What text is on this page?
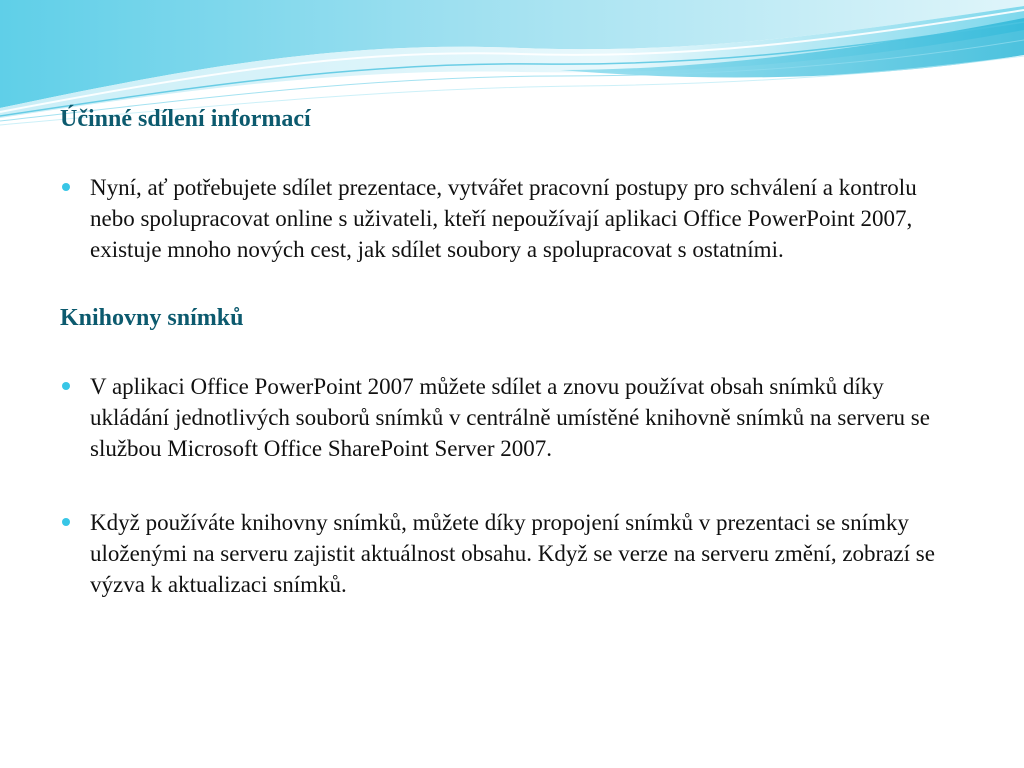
Účinné sdílení informací
Nyní, ať potřebujete sdílet prezentace, vytvářet pracovní postupy pro schválení a kontrolu nebo spolupracovat online s uživateli, kteří nepoužívají aplikaci Office PowerPoint 2007, existuje mnoho nových cest, jak sdílet soubory a spolupracovat s ostatními.
Knihovny snímků
V aplikaci Office PowerPoint 2007 můžete sdílet a znovu používat obsah snímků díky ukládání jednotlivých souborů snímků v centrálně umístěné knihovně snímků na serveru se službou Microsoft Office SharePoint Server 2007.
Když používáte knihovny snímků, můžete díky propojení snímků v prezentaci se snímky uloženými na serveru zajistit aktuálnost obsahu. Když se verze na serveru změní, zobrazí se výzva k aktualizaci snímků.
